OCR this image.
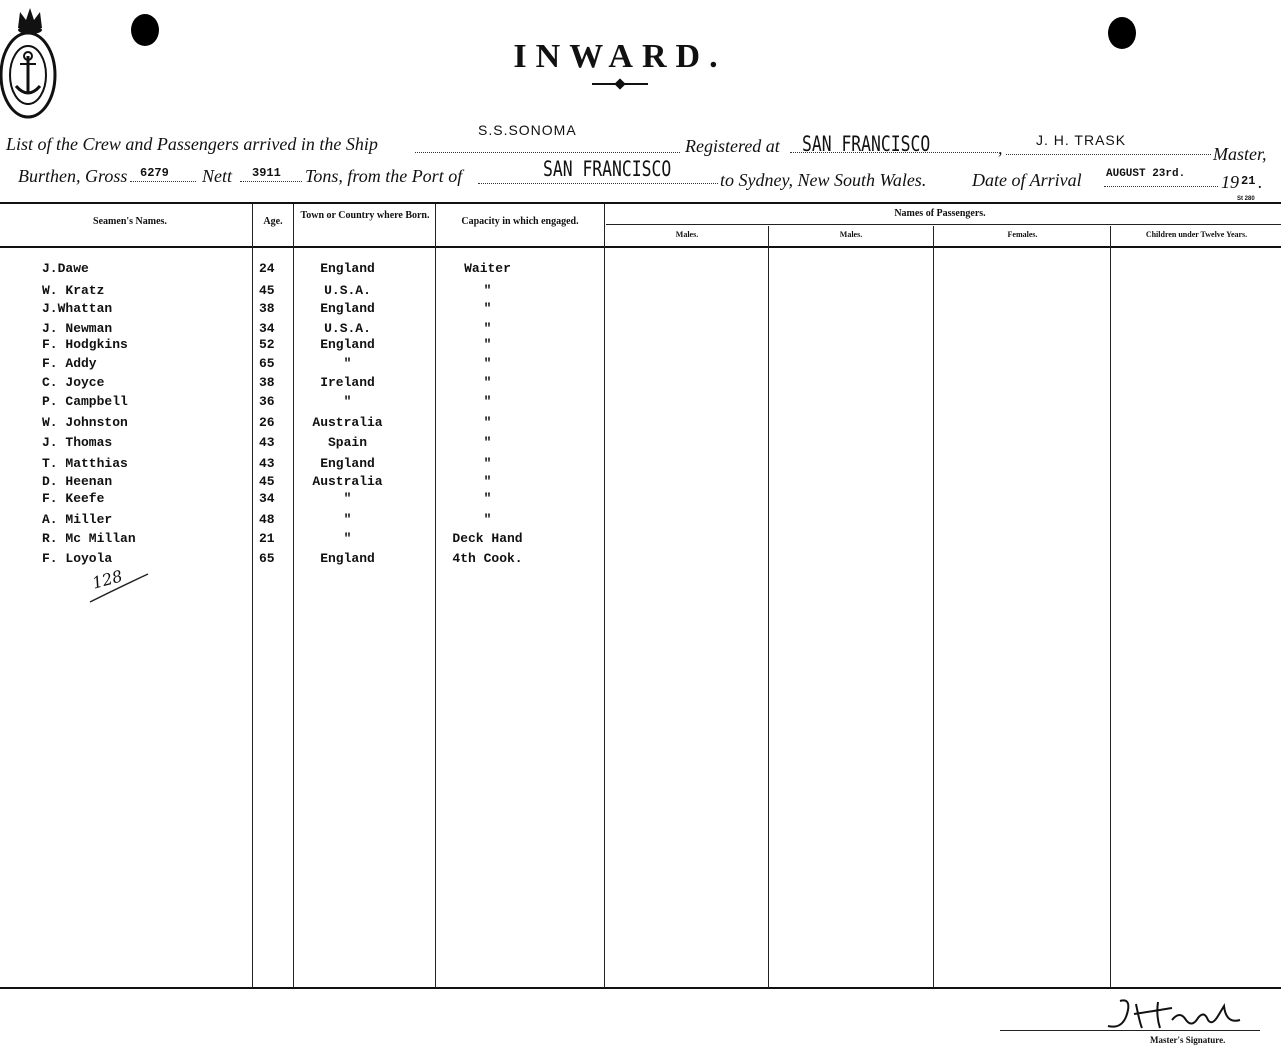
INWARD.
List of the Crew and Passengers arrived in the Ship
S.S.SONOMA
Registered at SAN FRANCISCO	, J. H. TRASK
Master,
Burthen, Gross 6279 Nett 3911 Tons, from the Port of	SAN FRANCISCO	to Sydney, New South Wales.	Date of Arrival AUGUST 23rd. 19 21 .
St 280
Seamen's Names.	Age.
Town or Country where Born.
Capacity in which engaged.
Names of Passengers.
Males.	Males.	Females.	Children under Twelve Years.
J.Dawe	24	England	Waiter
W. Kratz	45	U.S.A.	"
J.Whattan	38	England	"
J. Newman	34	U.S.A.	"
F. Hodgkins	52	England	"
F. Addy	65	"	"
C. Joyce	38	Ireland	"
P. Campbell	36	"	"
W. Johnston	26	Australia	"
J. Thomas	43	Spain	"
T. Matthias	43	England	"
D. Heenan	45	Australia	"
F. Keefe	34	"	"
A. Miller	48	"	"
R. Mc Millan	21	"	Deck Hand
F. Loyola	65	England	4th Cook.
128
Master's Signature.
